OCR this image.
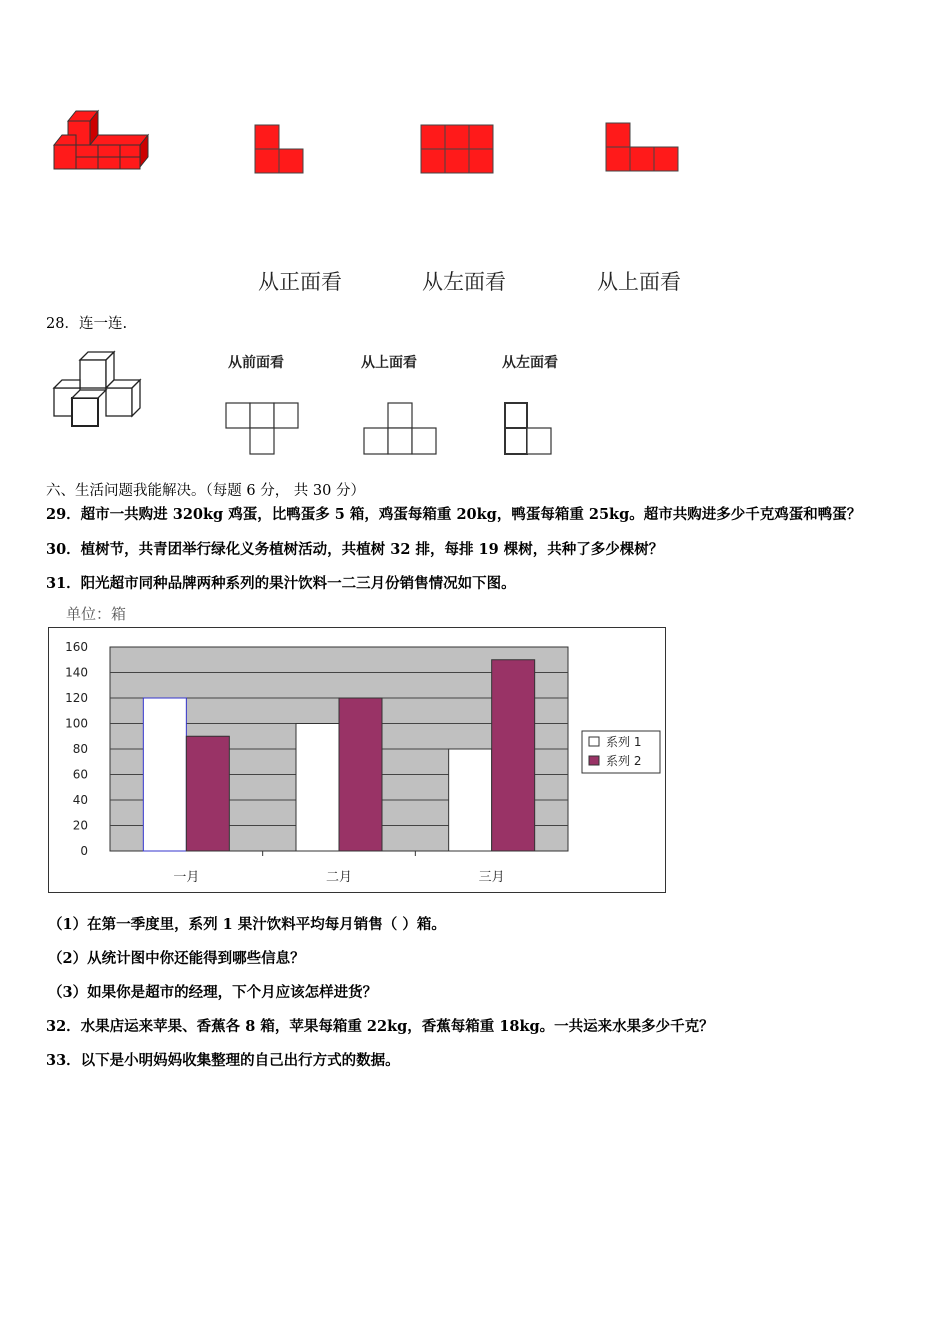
从正面看	从左面看	从上面看
28．连一连.
从前面看	从上面看	从左面看
六、生活问题我能解决。（每题 6 分， 共 30 分）
29．超市一共购进 320kg 鸡蛋，比鸭蛋多 5 箱，鸡蛋每箱重 20kg，鸭蛋每箱重 25kg。超市共购进多少千克鸡蛋和鸭蛋？
30．植树节，共青团举行绿化义务植树活动，共植树 32 排，每排 19 棵树，共种了多少棵树？
31．阳光超市同种品牌两种系列的果汁饮料一二三月份销售情况如下图。
单位：箱
0
20
40
60
80
100
120
140
160
一月	二月	三月
系列 1
系列 2
（1）在第一季度里，系列 1 果汁饮料平均每月销售（ ）箱。
（2）从统计图中你还能得到哪些信息？
（3）如果你是超市的经理，下个月应该怎样进货？
32．水果店运来苹果、香蕉各 8 箱，苹果每箱重 22kg，香蕉每箱重 18kg。一共运来水果多少千克？
33．以下是小明妈妈收集整理的自己出行方式的数据。
